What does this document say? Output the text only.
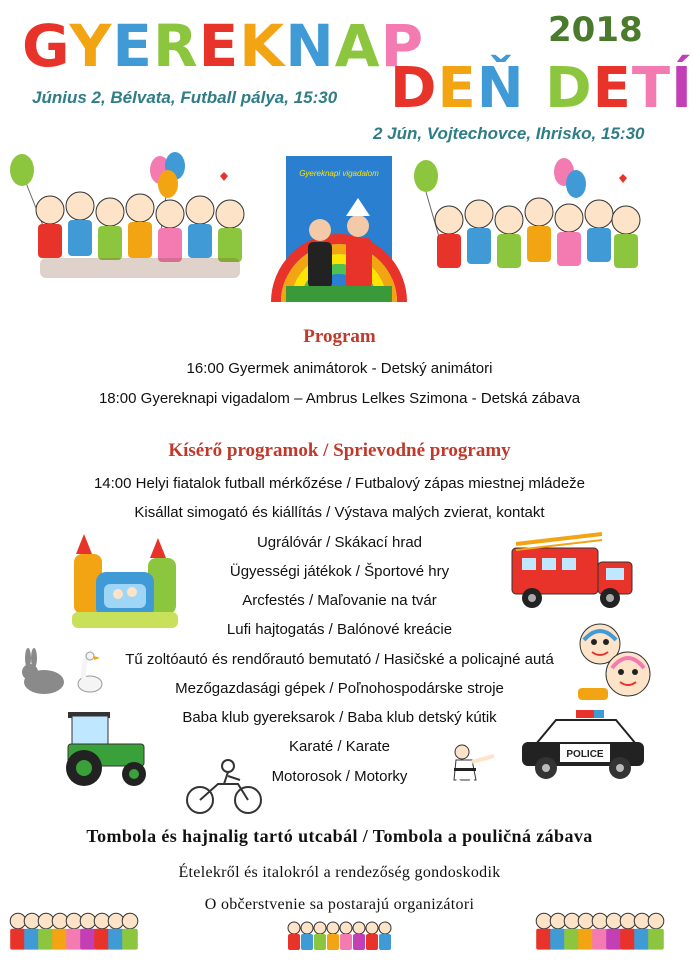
GYEREKNAP	2018
DEŇ DETÍ
Június 2, Bélvata, Futball pálya, 15:30
2 Jún, Vojtechovce, Ihrisko, 15:30
Gyereknapi vigadalom
Program
16:00 Gyermek animátorok - Detský animátori
18:00 Gyereknapi vigadalom – Ambrus Lelkes Szimona - Detská zábava
Kísérő programok / Sprievodné programy
14:00 Helyi fiatalok futball mérkőzése / Futbalový zápas miestnej mládeže
Kisállat simogató és kiállítás / Výstava malých zvierat, kontakt
Ugrálóvár / Skákací hrad
Ügyességi játékok / Športové hry
Arcfestés / Maľovanie na tvár
Lufi hajtogatás / Balónové kreácie
Tű zoltóautó és rendőrautó bemutató / Hasičské a policajné autá
Mezőgazdasági gépek / Poľnohospodárske stroje
Baba klub gyereksarok / Baba klub detský kútik
Karaté / Karate
Motorosok / Motorky
POLICE
Tombola és hajnalig tartó utcabál / Tombola a pouličná zábava
Ételekről és italokról a rendezőség gondoskodik
O občerstvenie sa postarajú organizátori
